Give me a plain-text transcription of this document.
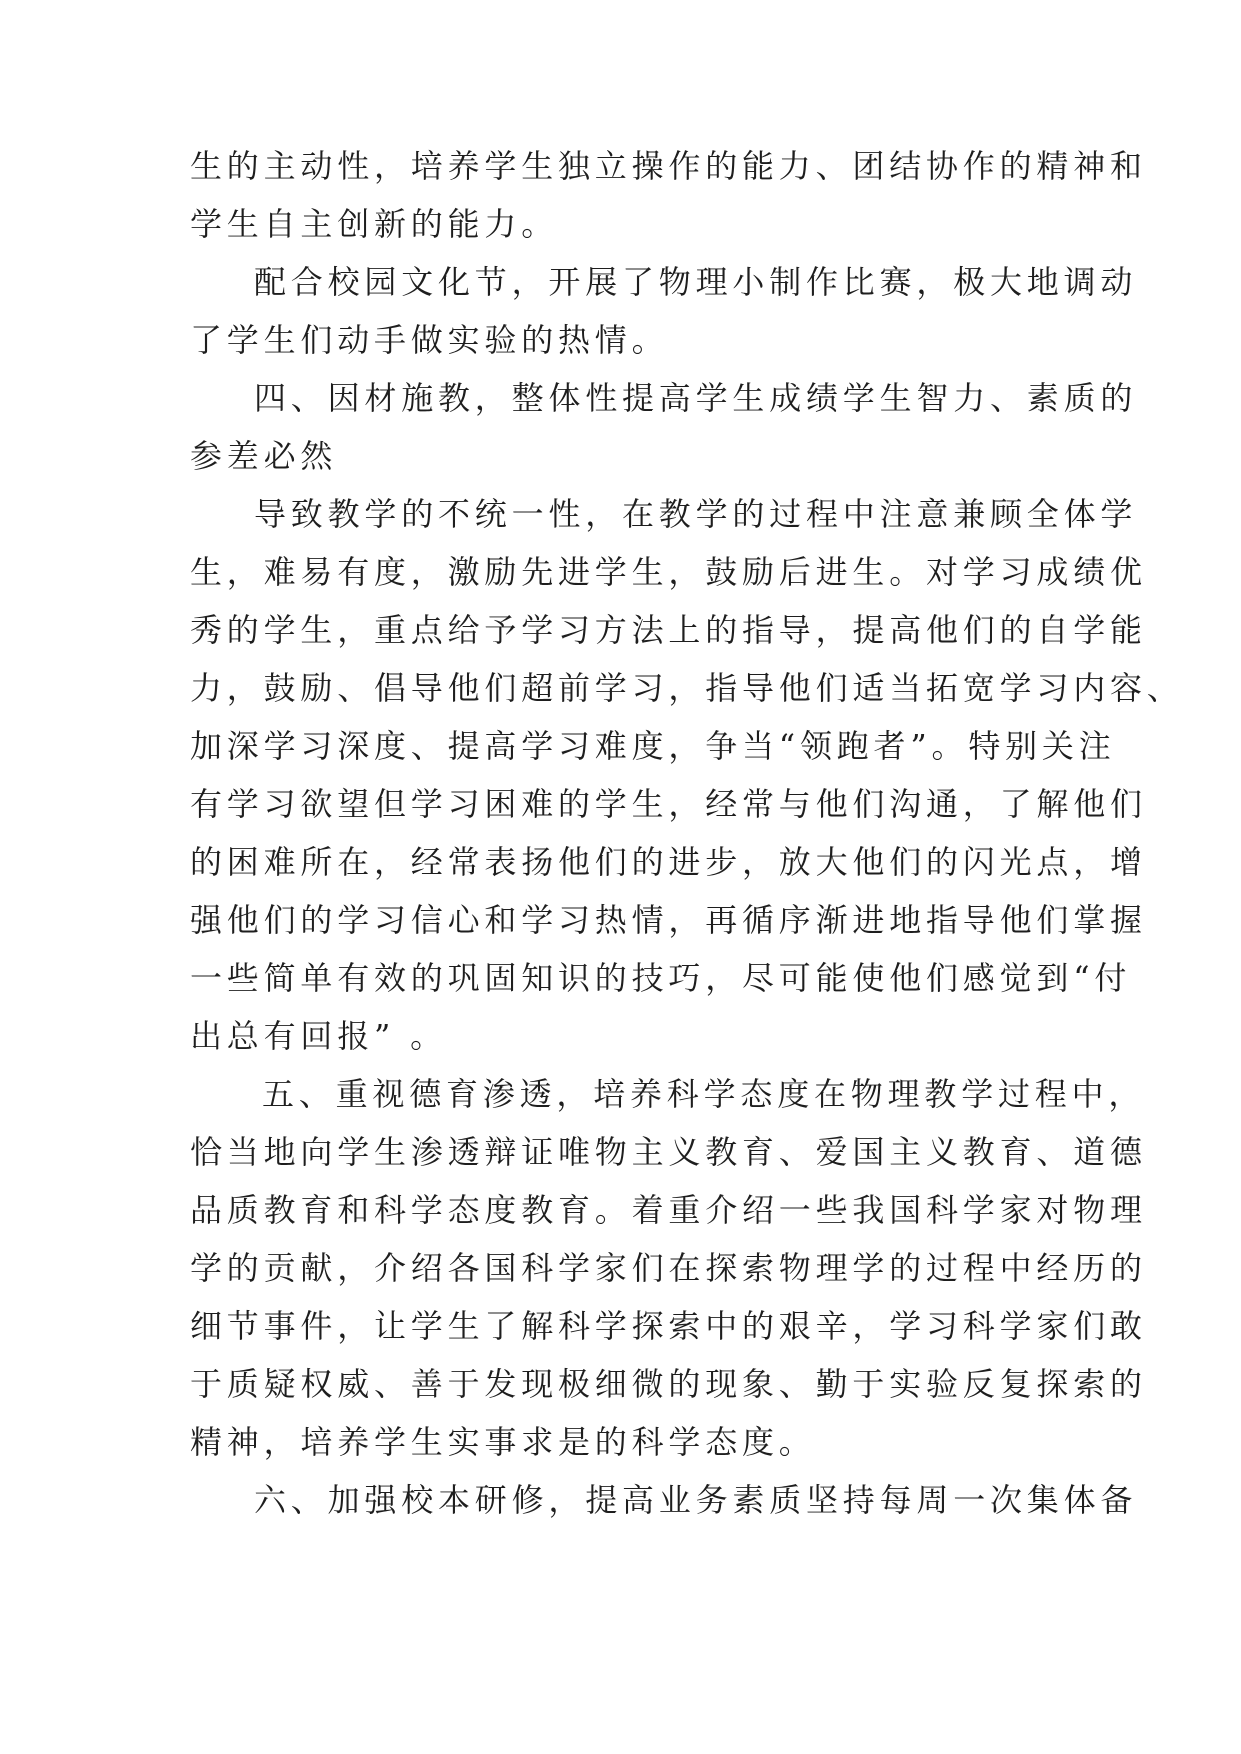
生的主动性，培养学生独立操作的能力、团结协作的精神和
学生自主创新的能力。
配合校园文化节，开展了物理小制作比赛，极大地调动
了学生们动手做实验的热情。
四、因材施教，整体性提高学生成绩学生智力、素质的
参差必然
导致教学的不统一性，在教学的过程中注意兼顾全体学
生，难易有度，激励先进学生，鼓励后进生。对学习成绩优
秀的学生，重点给予学习方法上的指导，提高他们的自学能
力，鼓励、倡导他们超前学习，指导他们适当拓宽学习内容、
加深学习深度、提高学习难度，争当“领跑者”。特别关注
有学习欲望但学习困难的学生，经常与他们沟通，了解他们
的困难所在，经常表扬他们的进步，放大他们的闪光点，增
强他们的学习信心和学习热情，再循序渐进地指导他们掌握
一些简单有效的巩固知识的技巧，尽可能使他们感觉到“付
出总有回报” 。
五、重视德育渗透，培养科学态度在物理教学过程中，
恰当地向学生渗透辩证唯物主义教育、爱国主义教育、道德
品质教育和科学态度教育。着重介绍一些我国科学家对物理
学的贡献，介绍各国科学家们在探索物理学的过程中经历的
细节事件，让学生了解科学探索中的艰辛，学习科学家们敢
于质疑权威、善于发现极细微的现象、勤于实验反复探索的
精神，培养学生实事求是的科学态度。
六、加强校本研修，提高业务素质坚持每周一次集体备
